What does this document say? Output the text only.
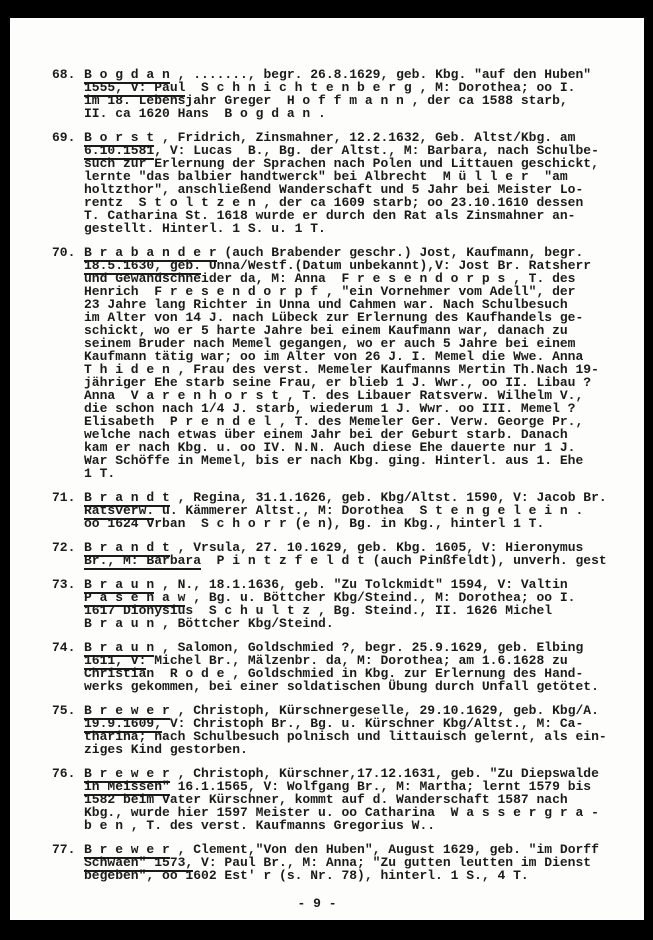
68. B o g d a n , ......., begr. 26.8.1629, geb. Kbg. "auf den Huben"
1555, V: Paul  S c h n i c h t e n b e r g , M: Dorothea; oo I.
im 18. Lebensjahr Greger  H o f f m a n n , der ca 1588 starb,
II. ca 1620 Hans  B o g d a n .
69. B o r s t , Fridrich, Zinsmahner, 12.2.1632, Geb. Altst/Kbg. am
6.10.1581, V: Lucas  B., Bg. der Altst., M: Barbara, nach Schulbe-
such zur Erlernung der Sprachen nach Polen und Littauen geschickt,
lernte "das balbier handtwerck" bei Albrecht  M ü l l e r  "am
holtzthor", anschließend Wanderschaft und 5 Jahr bei Meister Lo-
rentz  S t o l t z e n , der ca 1609 starb; oo 23.10.1610 dessen
T. Catharina St. 1618 wurde er durch den Rat als Zinsmahner an-
gestellt. Hinterl. 1 S. u. 1 T.
70. B r a b a n d e r (auch Brabender geschr.) Jost, Kaufmann, begr.
18.5.1630, geb. Unna/Westf.(Datum unbekannt),V: Jost Br. Ratsherr
und Gewandschneider da, M: Anna  F r e s e n d o r p s , T. des
Henrich  F r e s e n d o r p f , "ein Vornehmer vom Adell", der
23 Jahre lang Richter in Unna und Cahmen war. Nach Schulbesuch
im Alter von 14 J. nach Lübeck zur Erlernung des Kaufhandels ge-
schickt, wo er 5 harte Jahre bei einem Kaufmann war, danach zu
seinem Bruder nach Memel gegangen, wo er auch 5 Jahre bei einem
Kaufmann tätig war; oo im Alter von 26 J. I. Memel die Wwe. Anna
T h i d e n , Frau des verst. Memeler Kaufmanns Mertin Th.Nach 19-
jähriger Ehe starb seine Frau, er blieb 1 J. Wwr., oo II. Libau ?
Anna  V a r e n h o r s t , T. des Libauer Ratsverw. Wilhelm V.,
die schon nach 1/4 J. starb, wiederum 1 J. Wwr. oo III. Memel ?
Elisabeth  P r e n d e l , T. des Memeler Ger. Verw. George Pr.,
welche nach etwas über einem Jahr bei der Geburt starb. Danach
kam er nach Kbg. u. oo IV. N.N. Auch diese Ehe dauerte nur 1 J.
War Schöffe in Memel, bis er nach Kbg. ging. Hinterl. aus 1. Ehe
1 T.
71. B r a n d t , Regina, 31.1.1626, geb. Kbg/Altst. 1590, V: Jacob Br.
Ratsverw. u. Kämmerer Altst., M: Dorothea  S t e n g e l e i n .
oo 1624 Vrban  S c h o r r (e n), Bg. in Kbg., hinterl 1 T.
72. B r a n d t , Vrsula, 27. 10.1629, geb. Kbg. 1605, V: Hieronymus
Br., M: Barbara  P i n t z f e l d t (auch Pinßfeldt), unverh. gest
73. B r a u n , N., 18.1.1636, geb. "Zu Tolckmidt" 1594, V: Valtin
P a s e n a w , Bg. u. Böttcher Kbg/Steind., M: Dorothea; oo I.
1617 Dionysius  S c h u l t z , Bg. Steind., II. 1626 Michel
B r a u n , Böttcher Kbg/Steind.
74. B r a u n , Salomon, Goldschmied ?, begr. 25.9.1629, geb. Elbing
1611, V: Michel Br., Mälzenbr. da, M: Dorothea; am 1.6.1628 zu
Christian  R o d e , Goldschmied in Kbg. zur Erlernung des Hand-
werks gekommen, bei einer soldatischen Übung durch Unfall getötet.
75. B r e w e r , Christoph, Kürschnergeselle, 29.10.1629, geb. Kbg/A.
19.9.1609, V: Christoph Br., Bg. u. Kürschner Kbg/Altst., M: Ca-
tharina; nach Schulbesuch polnisch und littauisch gelernt, als ein-
ziges Kind gestorben.
76. B r e w e r , Christoph, Kürschner,17.12.1631, geb. "Zu Diepswalde
in Meissen" 16.1.1565, V: Wolfgang Br., M: Martha; lernt 1579 bis
1582 beim Vater Kürschner, kommt auf d. Wanderschaft 1587 nach
Kbg., wurde hier 1597 Meister u. oo Catharina  W a s s e r g r a -
b e n , T. des verst. Kaufmanns Gregorius W..
77. B r e w e r , Clement,"Von den Huben", August 1629, geb. "im Dorff
Schwaen" 1573, V: Paul Br., M: Anna; "Zu gutten leutten im Dienst
begeben", oo 1602 Est' r (s. Nr. 78), hinterl. 1 S., 4 T.
- 9 -
